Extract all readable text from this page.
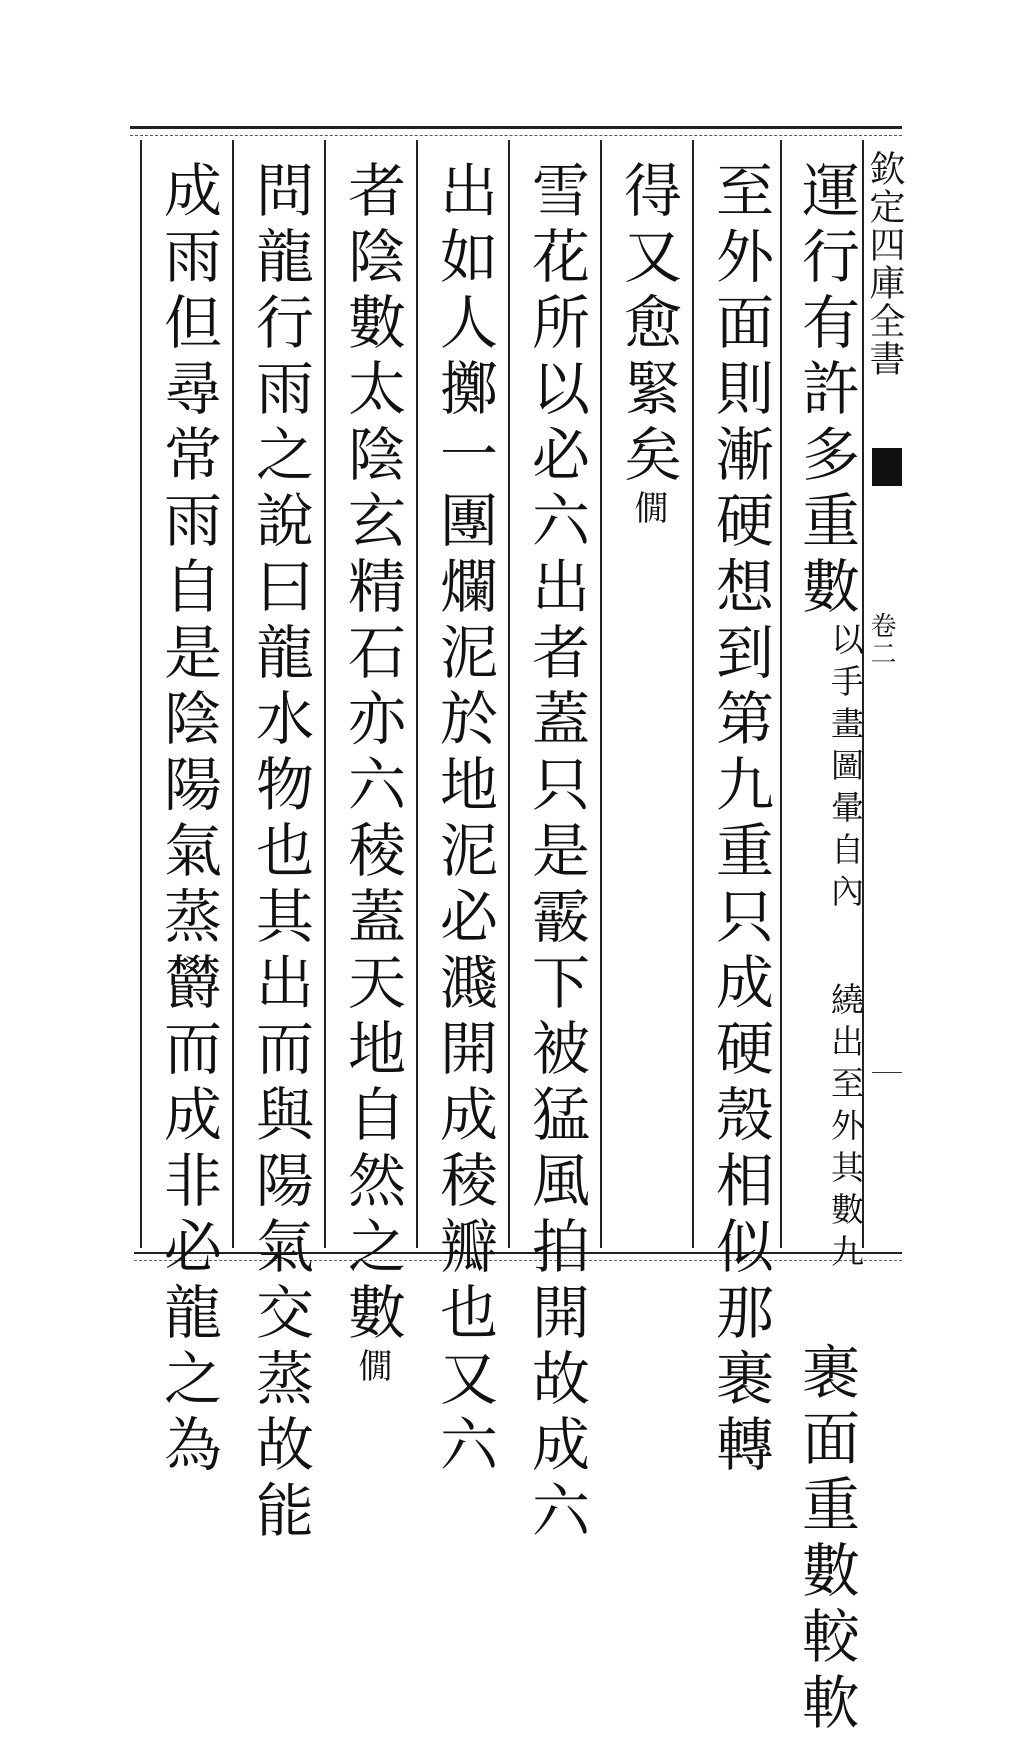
欽定四庫全書
卷二
運行有許多重數以手畫圖暈自內繞出至外其數九裹面重數較軟
至外面則漸硬想到第九重只成硬殼相似那裹轉
得又愈緊矣僩
雪花所以必六出者蓋只是霰下被猛風拍開故成六
出如人擲一團爛泥於地泥必濺開成稜瓣也又六
者陰數太陰玄精石亦六稜蓋天地自然之數僩
問龍行雨之說曰龍水物也其出而與陽氣交蒸故能
成雨但尋常雨自是陰陽氣蒸欝而成非必龍之為
